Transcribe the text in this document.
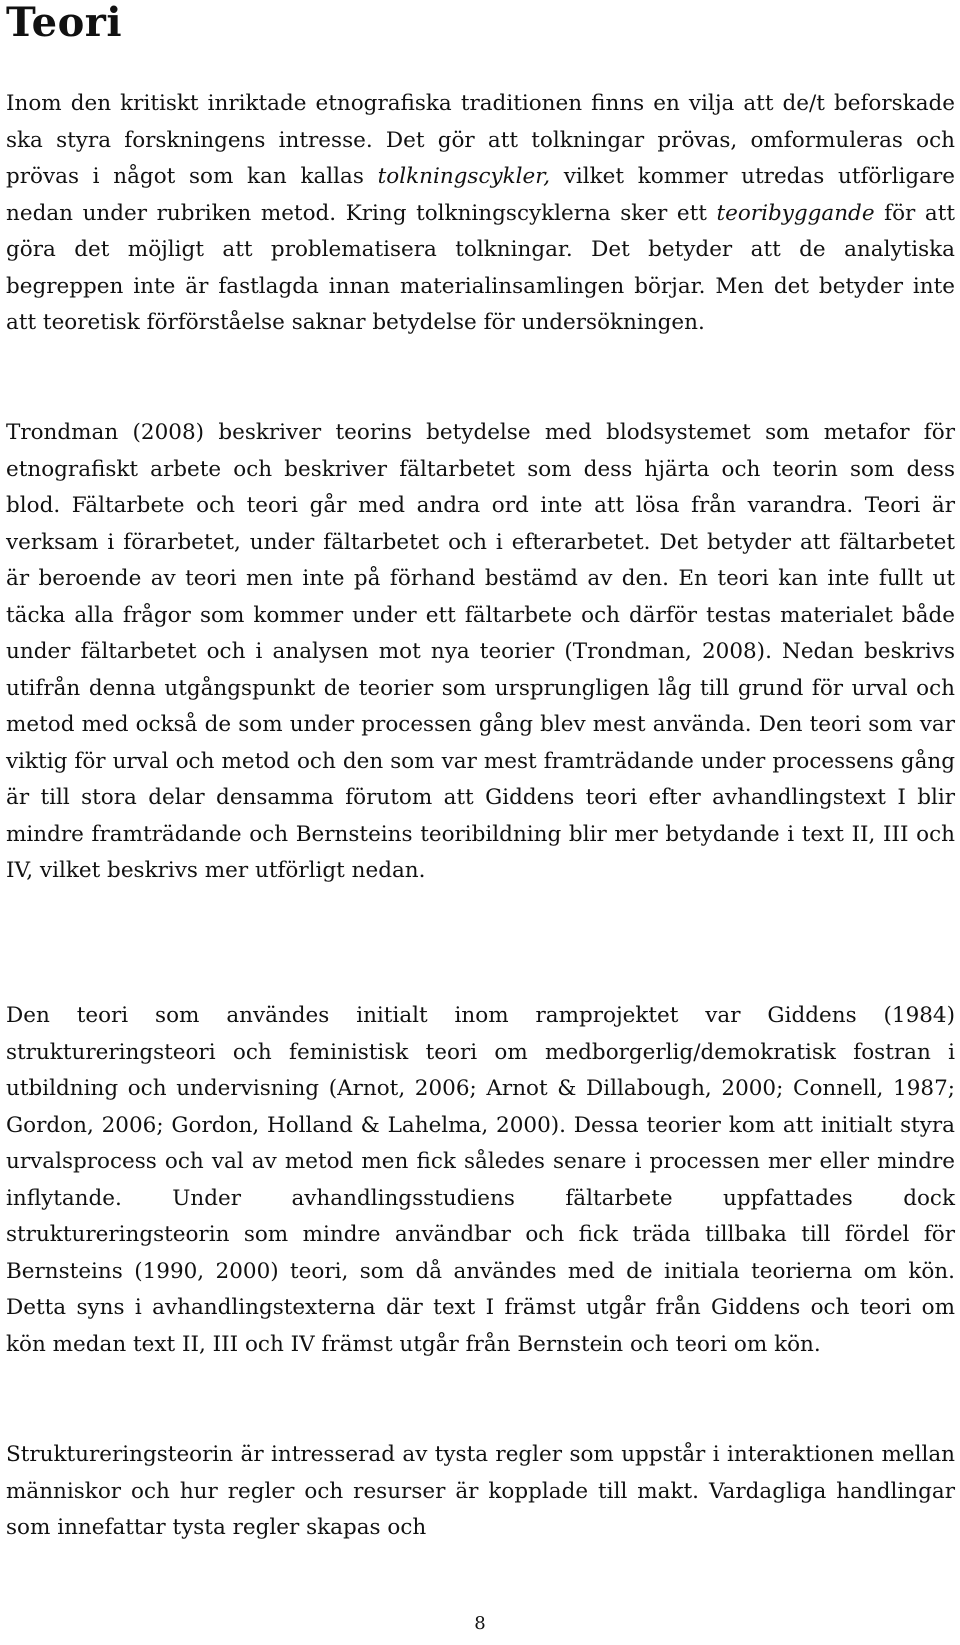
Teori

Inom den kritiskt inriktade etnografiska traditionen finns en vilja att de/t beforskade ska styra forskningens intresse. Det gör att tolkningar prövas, omformuleras och prövas i något som kan kallas tolkningscykler, vilket kommer utredas utförligare nedan under rubriken metod. Kring tolkningscyklerna sker ett teoribyggande för att göra det möjligt att problematisera tolkningar. Det betyder att de analytiska begreppen inte är fastlagda innan materialinsamlingen börjar. Men det betyder inte att teoretisk förförståelse saknar betydelse för undersökningen.

Trondman (2008) beskriver teorins betydelse med blodsystemet som metafor för etnografiskt arbete och beskriver fältarbetet som dess hjärta och teorin som dess blod. Fältarbete och teori går med andra ord inte att lösa från varandra. Teori är verksam i förarbetet, under fältarbetet och i efterarbetet. Det betyder att fältarbetet är beroende av teori men inte på förhand bestämd av den. En teori kan inte fullt ut täcka alla frågor som kommer under ett fältarbete och därför testas materialet både under fältarbetet och i analysen mot nya teorier (Trondman, 2008). Nedan beskrivs utifrån denna utgångspunkt de teorier som ursprungligen låg till grund för urval och metod med också de som under processen gång blev mest använda. Den teori som var viktig för urval och metod och den som var mest framträdande under processens gång är till stora delar densamma förutom att Giddens teori efter avhandlingstext I blir mindre framträdande och Bernsteins teoribildning blir mer betydande i text II, III och IV, vilket beskrivs mer utförligt nedan.

Den teori som användes initialt inom ramprojektet var Giddens (1984) struktureringsteori och feministisk teori om medborgerlig/demokratisk fostran i utbildning och undervisning (Arnot, 2006; Arnot & Dillabough, 2000; Connell, 1987; Gordon, 2006; Gordon, Holland & Lahelma, 2000). Dessa teorier kom att initialt styra urvalsprocess och val av metod men fick således senare i processen mer eller mindre inflytande. Under avhandlingsstudiens fältarbete uppfattades dock struktureringsteorin som mindre användbar och fick träda tillbaka till fördel för Bernsteins (1990, 2000) teori, som då användes med de initiala teorierna om kön. Detta syns i avhandlingstexterna där text I främst utgår från Giddens och teori om kön medan text II, III och IV främst utgår från Bernstein och teori om kön.

Struktureringsteorin är intresserad av tysta regler som uppstår i interaktionen mellan människor och hur regler och resurser är kopplade till makt. Vardagliga handlingar som innefattar tysta regler skapas och

8
